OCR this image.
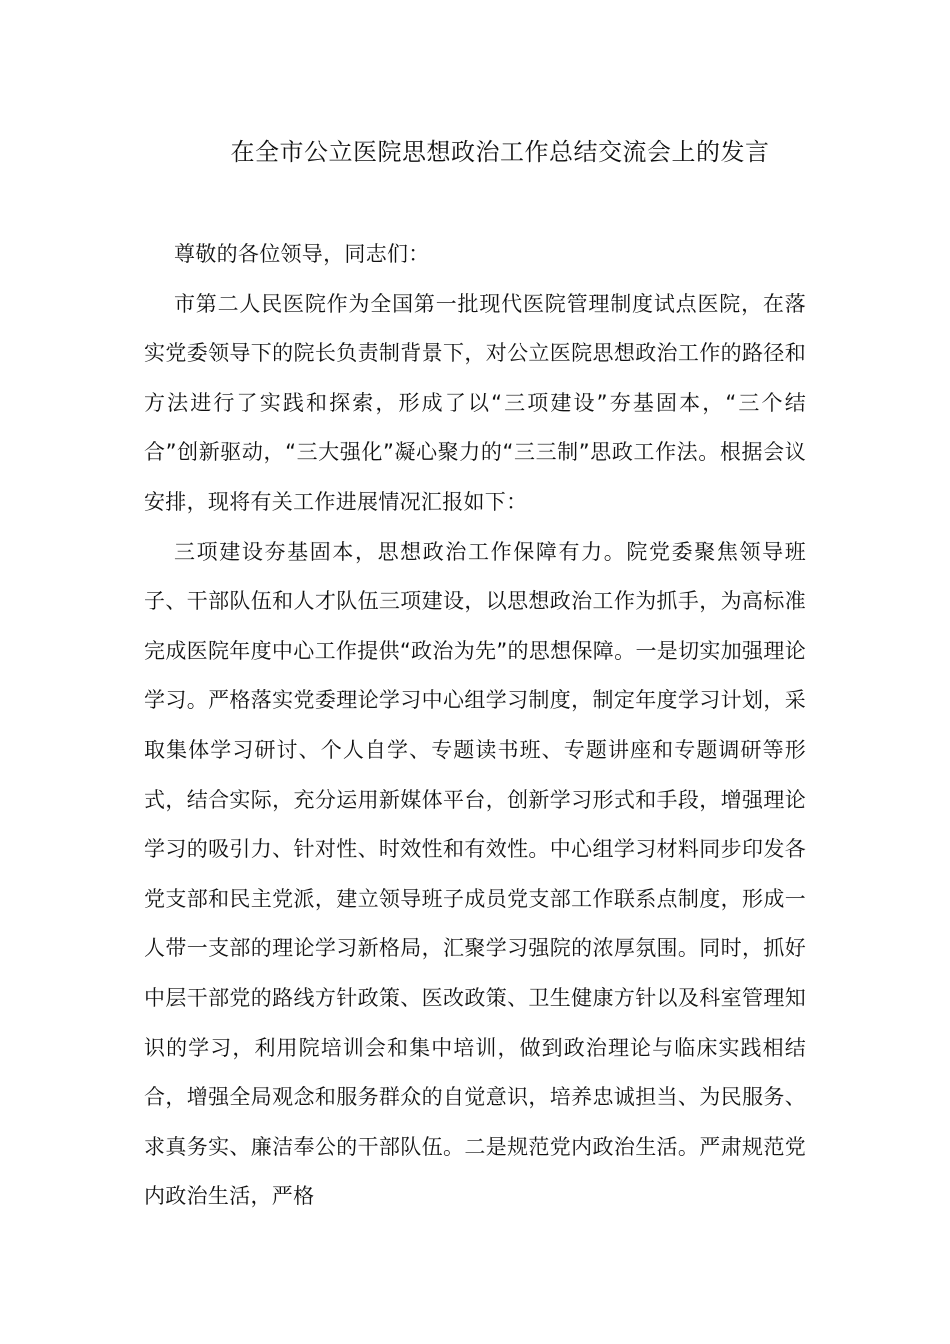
在全市公立医院思想政治工作总结交流会上的发言

尊敬的各位领导，同志们：

市第二人民医院作为全国第一批现代医院管理制度试点医院，在落实党委领导下的院长负责制背景下，对公立医院思想政治工作的路径和方法进行了实践和探索，形成了以“三项建设”夯基固本，“三个结合”创新驱动，“三大强化”凝心聚力的“三三制”思政工作法。根据会议安排，现将有关工作进展情况汇报如下：

三项建设夯基固本，思想政治工作保障有力。院党委聚焦领导班子、干部队伍和人才队伍三项建设，以思想政治工作为抓手，为高标准完成医院年度中心工作提供“政治为先”的思想保障。一是切实加强理论学习。严格落实党委理论学习中心组学习制度，制定年度学习计划，采取集体学习研讨、个人自学、专题读书班、专题讲座和专题调研等形式，结合实际，充分运用新媒体平台，创新学习形式和手段，增强理论学习的吸引力、针对性、时效性和有效性。中心组学习材料同步印发各党支部和民主党派，建立领导班子成员党支部工作联系点制度，形成一人带一支部的理论学习新格局，汇聚学习强院的浓厚氛围。同时，抓好中层干部党的路线方针政策、医改政策、卫生健康方针以及科室管理知识的学习，利用院培训会和集中培训，做到政治理论与临床实践相结合，增强全局观念和服务群众的自觉意识，培养忠诚担当、为民服务、求真务实、廉洁奉公的干部队伍。二是规范党内政治生活。严肃规范党内政治生活，严格
